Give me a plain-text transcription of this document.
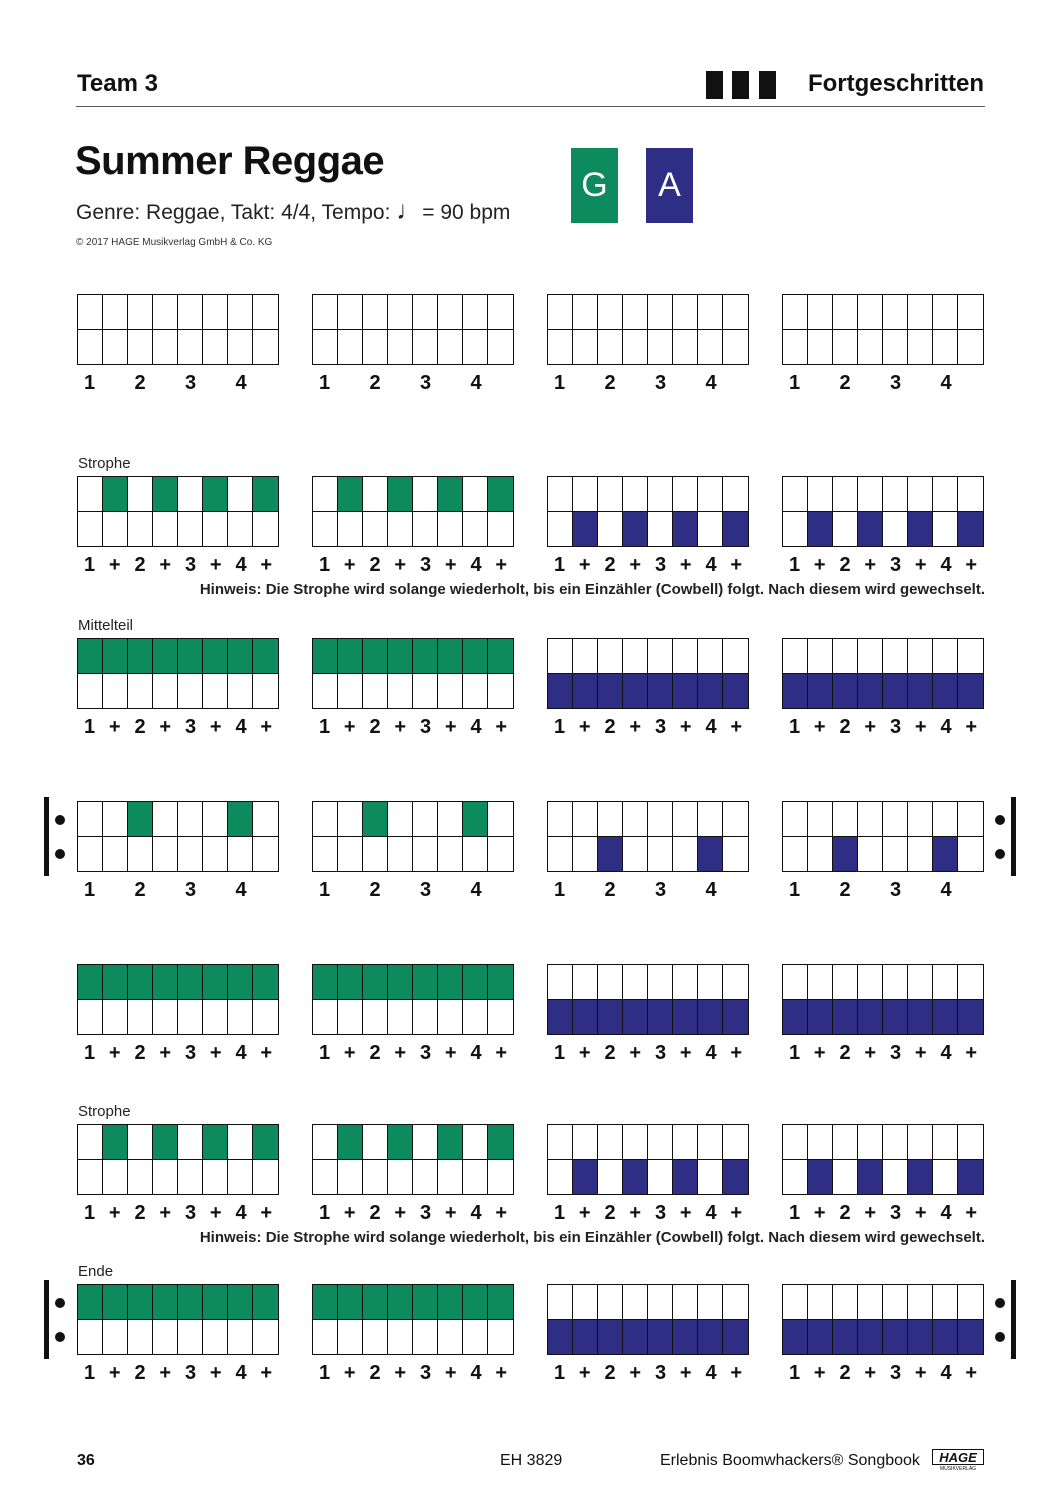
Team 3	Fortgeschritten
Summer Reggae
Genre: Reggae, Takt: 4/4, Tempo: ♩= 90 bpm
© 2017 HAGE Musikverlag GmbH & Co. KG
G A
1	2	3	4	1	2	3	4	1	2	3	4	1	2	3	4
Strophe
1 + 2 + 3 + 4 +	1 + 2 + 3 + 4 +	1 + 2 + 3 + 4 +	1 + 2 + 3 + 4 +
Hinweis: Die Strophe wird solange wiederholt, bis ein Einzähler (Cowbell) folgt. Nach diesem wird gewechselt.
Mittelteil
1 + 2 + 3 + 4 +	1 + 2 + 3 + 4 +	1 + 2 + 3 + 4 +	1 + 2 + 3 + 4 +
1	2	3	4	1	2	3	4	1	2	3	4	1	2	3	4
1 + 2 + 3 + 4 +	1 + 2 + 3 + 4 +	1 + 2 + 3 + 4 +	1 + 2 + 3 + 4 +
Strophe
1 + 2 + 3 + 4 +	1 + 2 + 3 + 4 +	1 + 2 + 3 + 4 +	1 + 2 + 3 + 4 +
Hinweis: Die Strophe wird solange wiederholt, bis ein Einzähler (Cowbell) folgt. Nach diesem wird gewechselt.
Ende
1 + 2 + 3 + 4 +	1 + 2 + 3 + 4 +	1 + 2 + 3 + 4 +	1 + 2 + 3 + 4 +
36	EH 3829	Erlebnis Boomwhackers® Songbook HAGE
MUSIKVERLAG
